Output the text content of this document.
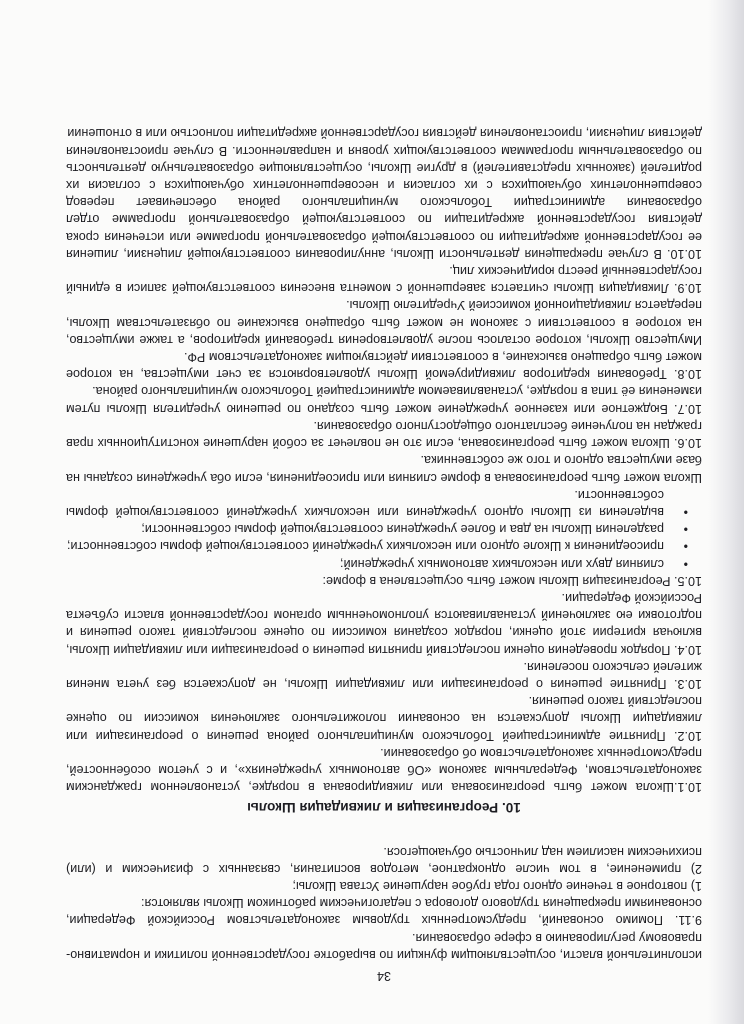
34

исполнительной власти, осуществляющим функции по выработке государственной политики и нормативно-правовому регулированию в сфере образования.

9.11. Помимо оснований, предусмотренных трудовым законодательством Российской Федерации, основаниями прекращения трудового договора с педагогическим работником Школы являются:

1) повторное в течение одного года грубое нарушение Устава Школы;

2) применение, в том числе однократное, методов воспитания, связанных с физическим и (или) психическим насилием над личностью обучающегося.

10. Реорганизация и ликвидация Школы

10.1.Школа может быть реорганизована или ликвидирована в порядке, установленном гражданским законодательством, Федеральным законом «Об автономных учреждениях», и с учетом особенностей, предусмотренных законодательством об образовании.

10.2. Принятие администрацией Тобольского муниципального района решения о реорганизации или ликвидации Школы допускается на основании положительного заключения комиссии по оценке последствий такого решения.

10.3. Принятие решения о реорганизации или ликвидации Школы, не допускается без учета мнения жителей сельского поселения.

10.4. Порядок проведения оценки последствий принятия решения о реорганизации или ликвидации Школы, включая критерии этой оценки, порядок создания комиссии по оценке последствий такого решения и подготовки ею заключений устанавливаются уполномоченным органом государственной власти субъекта Российской Федерации.

10.5. Реорганизация Школы может быть осуществлена в форме:

• слияния двух или нескольких автономных учреждений;
• присоединения к Школе одного или нескольких учреждений соответствующей формы собственности;
• разделения Школы на два и более учреждения соответствующей формы собственности;
• выделения из Школы одного учреждения или нескольких учреждений соответствующей формы собственности.

Школа может быть реорганизована в форме слияния или присоединения, если оба учреждения созданы на базе имущества одного и того же собственника.

10.6. Школа может быть реорганизована, если это не повлечет за собой нарушение конституционных прав граждан на получение бесплатного общедоступного образования.

10.7. Бюджетное или казенное учреждение может быть создано по решению учредителя Школы путем изменения её типа в порядке, устанавливаемом администрацией Тобольского муниципального района.

10.8. Требования кредиторов ликвидируемой Школы удовлетворяются за счет имущества, на которое может быть обращено взыскание, в соответствии действующим законодательством РФ.

Имущество Школы, которое осталось после удовлетворения требований кредиторов, а также имущество, на которое в соответствии с законом не может быть обращено взыскание по обязательствам Школы, передается ликвидационной комиссией Учредителю Школы.

10.9. Ликвидация Школы считается завершенной с момента внесения соответствующей записи в единый государственный реестр юридических лиц.

10.10. В случае прекращения деятельности Школы, аннулирования соответствующей лицензии, лишения ее государственной аккредитации по соответствующей образовательной программе или истечения срока действия государственной аккредитации по соответствующей образовательной программе отдел образования администрации Тобольского муниципального района обеспечивает перевод совершеннолетних обучающихся с их согласия и несовершеннолетних обучающихся с согласия их родителей (законных представителей) в другие Школы, осуществляющие образовательную деятельность по образовательным программам соответствующих уровня и направленности. В случае приостановления действия лицензии, приостановления действия государственной аккредитации полностью или в отношении
